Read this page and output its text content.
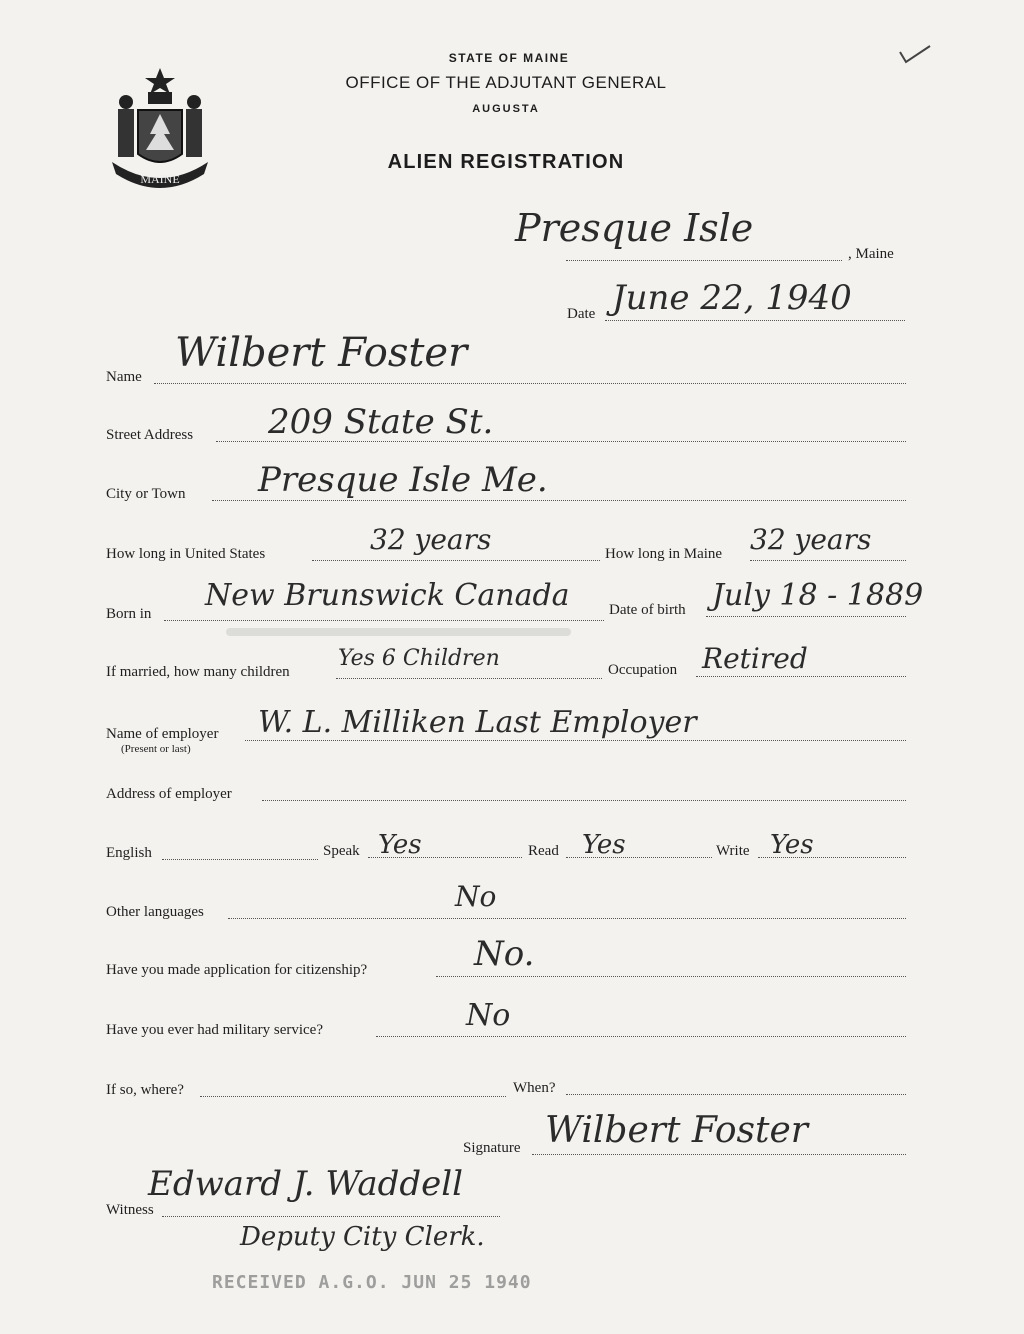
MAINE
STATE OF MAINE
OFFICE OF THE ADJUTANT GENERAL
AUGUSTA
ALIEN REGISTRATION
Presque Isle
, Maine
Date June 22, 1940
Name
Wilbert Foster
Street Address 209 State St.
City or Town Presque Isle Me.
How long in United States	32 years	How long in Maine 32 years
Born in
New Brunswick Canada	Date of birth July 18 - 1889
If married, how many children
Yes 6 Children	Occupation Retired
Name of employer
(Present or last)
W. L. Milliken Last Employer
Address of employer
English	Speak Yes	Read Yes	Write Yes
Other languages	No
Have you made application for citizenship?	No.
Have you ever had military service?	No
If so, where?	When?
Signature Wilbert Foster
Witness
Edward J. Waddell
Deputy City Clerk.
RECEIVED A.G.O. JUN 25 1940
